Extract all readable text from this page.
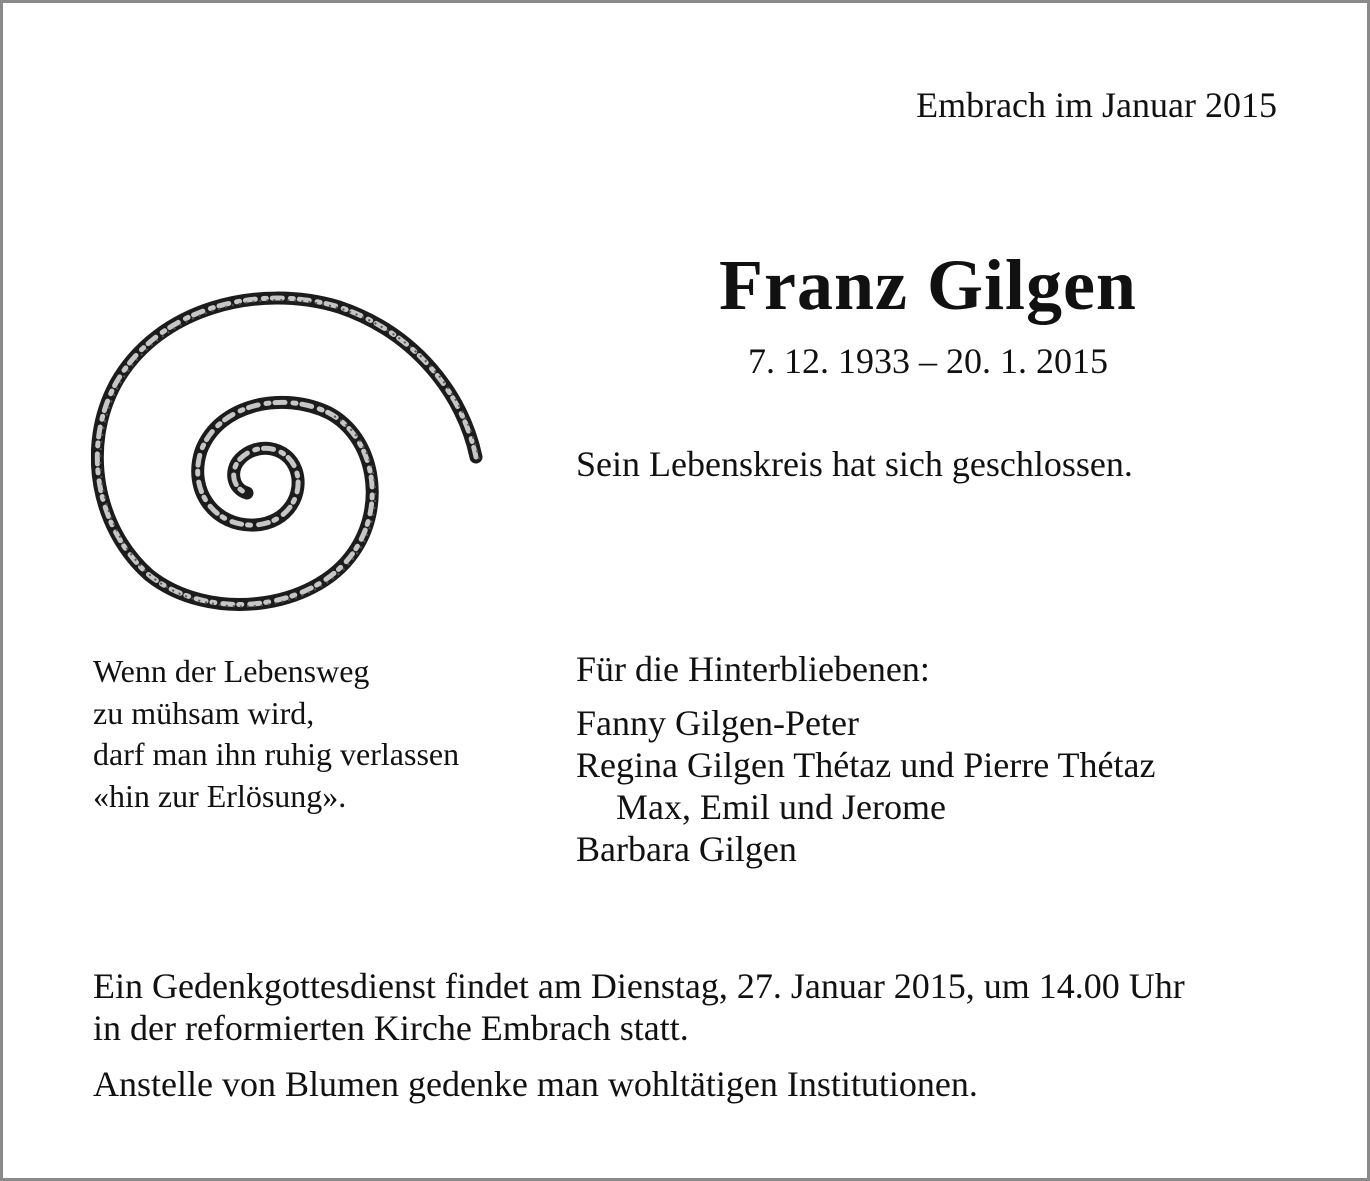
Embrach im Januar 2015
Franz Gilgen
7. 12. 1933 – 20. 1. 2015
Sein Lebenskreis hat sich geschlossen.
Wenn der Lebensweg
zu mühsam wird,
darf man ihn ruhig verlassen
«hin zur Erlösung».
Für die Hinterbliebenen:
Fanny Gilgen-Peter
Regina Gilgen Thétaz und Pierre Thétaz
Max, Emil und Jerome
Barbara Gilgen

Ein Gedenkgottesdienst findet am Dienstag, 27. Januar 2015, um 14.00 Uhr

in der reformierten Kirche Embrach statt.

Anstelle von Blumen gedenke man wohltätigen Institutionen.
